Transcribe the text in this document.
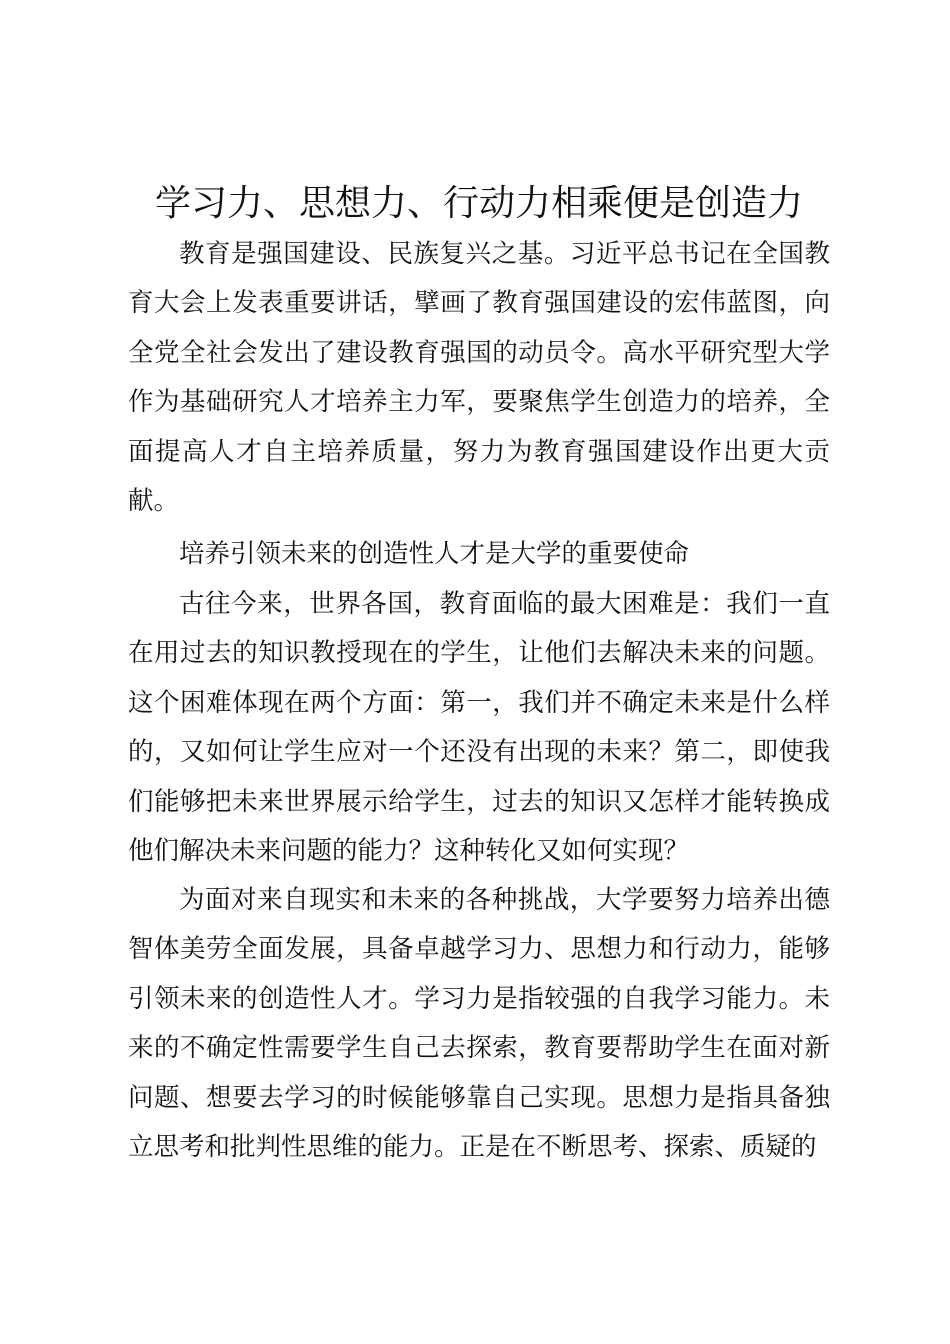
学习力、思想力、行动力相乘便是创造力

教育是强国建设、民族复兴之基。习近平总书记在全国教育大会上发表重要讲话，擘画了教育强国建设的宏伟蓝图，向全党全社会发出了建设教育强国的动员令。高水平研究型大学作为基础研究人才培养主力军，要聚焦学生创造力的培养，全面提高人才自主培养质量，努力为教育强国建设作出更大贡献。

培养引领未来的创造性人才是大学的重要使命

古往今来，世界各国，教育面临的最大困难是：我们一直在用过去的知识教授现在的学生，让他们去解决未来的问题。这个困难体现在两个方面：第一，我们并不确定未来是什么样的，又如何让学生应对一个还没有出现的未来？第二，即使我们能够把未来世界展示给学生，过去的知识又怎样才能转换成他们解决未来问题的能力？这种转化又如何实现？

为面对来自现实和未来的各种挑战，大学要努力培养出德智体美劳全面发展，具备卓越学习力、思想力和行动力，能够引领未来的创造性人才。学习力是指较强的自我学习能力。未来的不确定性需要学生自己去探索，教育要帮助学生在面对新问题、想要去学习的时候能够靠自己实现。思想力是指具备独立思考和批判性思维的能力。正是在不断思考、探索、质疑的
